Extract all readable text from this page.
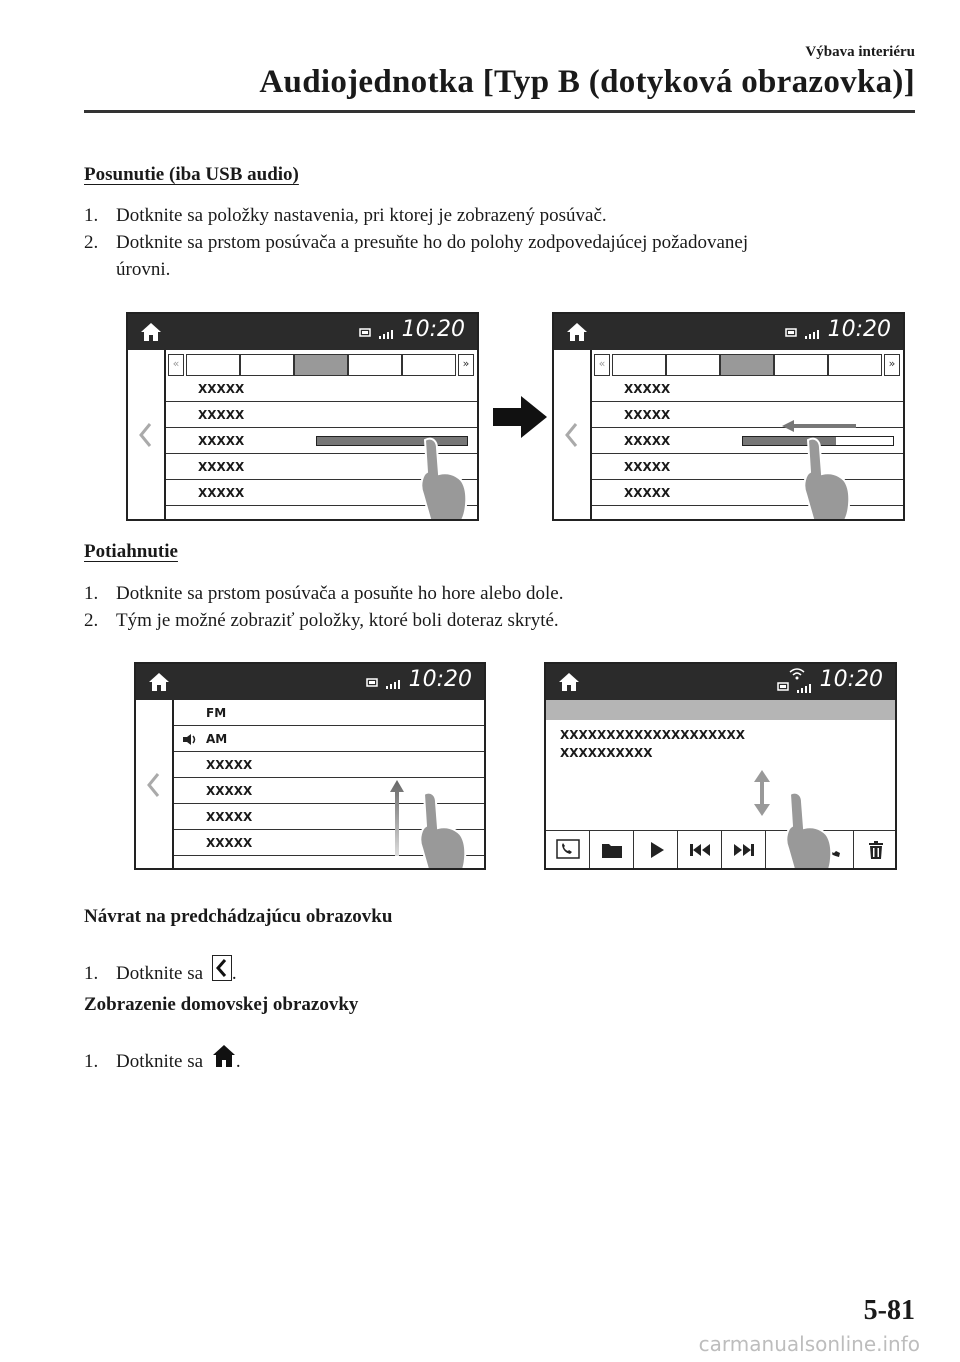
Výbava interiéru
Audiojednotka [Typ B (dotyková obrazovka)]
Posunutie (iba USB audio)
1. Dotknite sa položky nastavenia, pri ktorej je zobrazený posúvač.
2. Dotknite sa prstom posúvača a presuňte ho do polohy zodpovedajúcej požadovanej
úrovni.
10:20
«	»
XXXXX
XXXXX
XXXXX
XXXXX
XXXXX
10:20
«	»
XXXXX
XXXXX
XXXXX
XXXXX
XXXXX
Potiahnutie
1. Dotknite sa prstom posúvača a posuňte ho hore alebo dole.
2. Tým je možné zobraziť položky, ktoré boli doteraz skryté.
10:20
FM
AM
XXXXX
XXXXX
XXXXX
XXXXX
10:20
XXXXXXXXXXXXXXXXXXXX
XXXXXXXXXX
Návrat na predchádzajúcu obrazovku
1. Dotknite sa .
Zobrazenie domovskej obrazovky
1. Dotknite sa .
5-81
carmanualsonline.info
